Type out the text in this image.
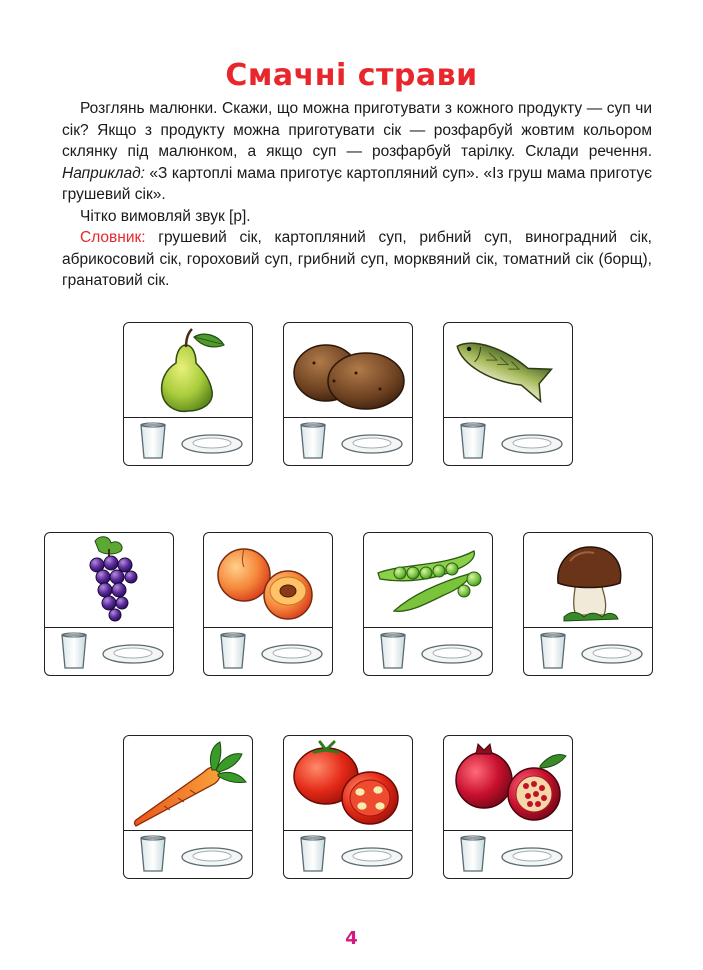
Смачні страви

Розглянь малюнки. Скажи, що можна приготувати з кожного продукту — суп чи сік? Якщо з продукту можна приготувати сік — розфарбуй жовтим кольором склянку під малюнком, а якщо суп — розфарбуй тарілку. Склади речення. Наприклад: «З картоплі мама приготує картопляний суп». «Із груш мама приготує грушевий сік».

Чітко вимовляй звук [р].

Словник: грушевий сік, картопляний суп, рибний суп, виноградний сік, абрикосовий сік, гороховий суп, грибний суп, морквяний сік, томатний сік (борщ), гранатовий сік.

4
